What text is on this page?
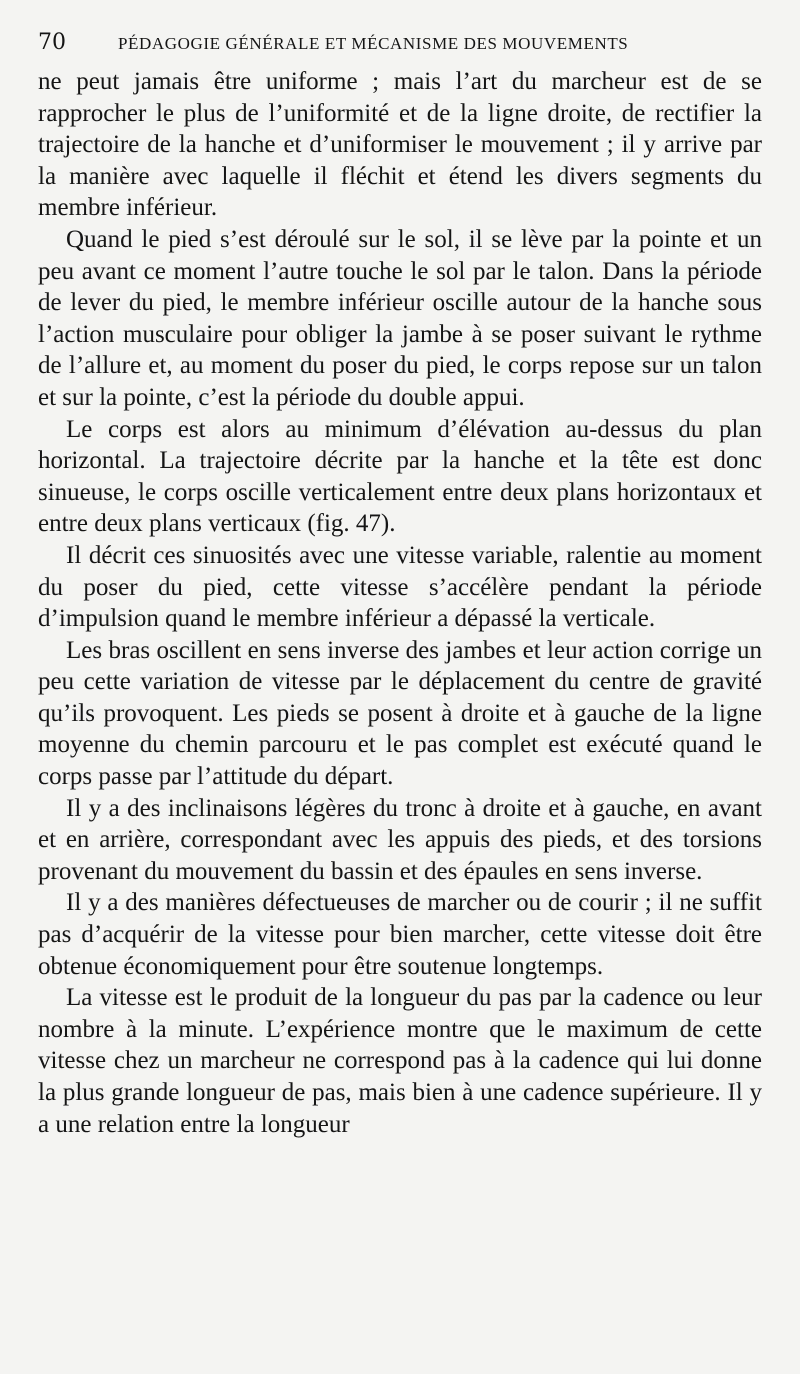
70	PÉDAGOGIE GÉNÉRALE ET MÉCANISME DES MOUVEMENTS

ne peut jamais être uniforme ; mais l’art du marcheur est de se rapprocher le plus de l’uniformité et de la ligne droite, de rectifier la trajectoire de la hanche et d’uniformiser le mouvement ; il y arrive par la manière avec laquelle il fléchit et étend les divers segments du membre inférieur.

Quand le pied s’est déroulé sur le sol, il se lève par la pointe et un peu avant ce moment l’autre touche le sol par le talon. Dans la période de lever du pied, le membre inférieur oscille autour de la hanche sous l’action musculaire pour obliger la jambe à se poser suivant le rythme de l’allure et, au moment du poser du pied, le corps repose sur un talon et sur la pointe, c’est la période du double appui.

Le corps est alors au minimum d’élévation au-dessus du plan horizontal. La trajectoire décrite par la hanche et la tête est donc sinueuse, le corps oscille verticalement entre deux plans horizontaux et entre deux plans verticaux (fig. 47).

Il décrit ces sinuosités avec une vitesse variable, ralentie au moment du poser du pied, cette vitesse s’accélère pendant la période d’impulsion quand le membre inférieur a dépassé la verticale.

Les bras oscillent en sens inverse des jambes et leur action corrige un peu cette variation de vitesse par le déplacement du centre de gravité qu’ils provoquent. Les pieds se posent à droite et à gauche de la ligne moyenne du chemin parcouru et le pas complet est exécuté quand le corps passe par l’attitude du départ.

Il y a des inclinaisons légères du tronc à droite et à gauche, en avant et en arrière, correspondant avec les appuis des pieds, et des torsions provenant du mouvement du bassin et des épaules en sens inverse.

Il y a des manières défectueuses de marcher ou de courir ; il ne suffit pas d’acquérir de la vitesse pour bien marcher, cette vitesse doit être obtenue économiquement pour être soutenue longtemps.

La vitesse est le produit de la longueur du pas par la cadence ou leur nombre à la minute. L’expérience montre que le maximum de cette vitesse chez un marcheur ne correspond pas à la cadence qui lui donne la plus grande longueur de pas, mais bien à une cadence supérieure. Il y a une relation entre la longueur
